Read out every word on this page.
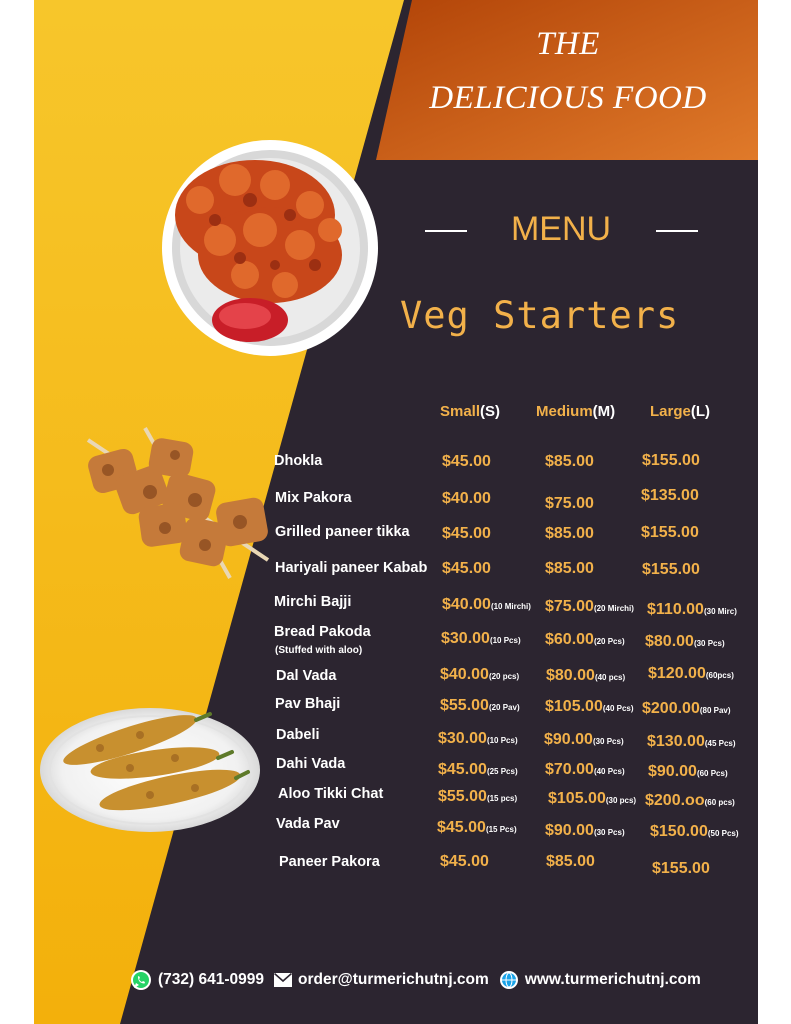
THE
DELICIOUS FOOD
MENU
Veg Starters
Small(S) Medium(M) Large(L)
Dhokla	$45.00	$85.00	$155.00
Mix Pakora	$40.00	$75.00	$135.00
Grilled paneer tikka $45.00	$85.00	$155.00
Hariyali paneer Kabab $45.00	$85.00	$155.00
Mirchi Bajji	$40.00(10 Mirchi) $75.00(20 Mirchi) $110.00(30 Mirc)
Bread Pakoda
(Stuffed with aloo)
$30.00(10 Pcs) $60.00(20 Pcs) $80.00(30 Pcs)
Dal Vada	$40.00(20 pcs) $80.00(40 pcs) $120.00(60pcs)
Pav Bhaji	$55.00(20 Pav) $105.00(40 Pcs) $200.00(80 Pav)
Dabeli	$30.00(10 Pcs) $90.00(30 Pcs) $130.00(45 Pcs)
Dahi Vada	$45.00(25 Pcs) $70.00(40 Pcs) $90.00(60 Pcs)
Aloo Tikki Chat	$55.00(15 pcs) $105.00(30 pcs) $200.oo(60 pcs)
Vada Pav	$45.00(15 Pcs) $90.00(30 Pcs) $150.00(50 Pcs)
Paneer Pakora	$45.00	$85.00	$155.00
(732) 641-0999 order@turmerichutnj.com www.turmerichutnj.com
